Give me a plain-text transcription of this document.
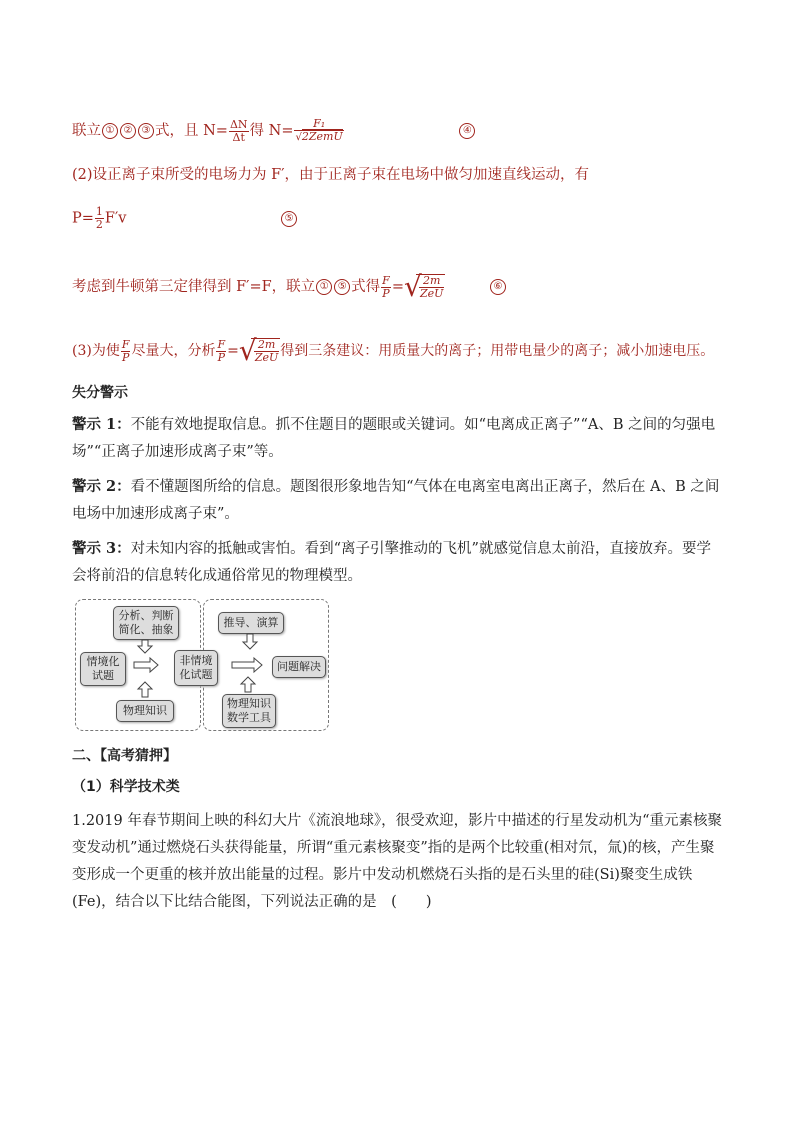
联立 ① ② ③ 式，且 $N= \frac{\Delta N}{\Delta t}$ 得 $N= \frac{\text{F₁}}{\text{√2ZemU}}$	④
(2)设正离子束所受的电场力为 F′，由于正离子束在电场中做匀加速直线运动，有
$P= \frac{1}{2} F'v$	⑤
考虑到牛顿第三定律得到 F′=F，联立 ① ⑤ 式得 $\frac{F}{P}$ = √
$\frac{2m}{\text{ZeU}}$	⑥
(3)为使 $\frac{F}{P}$ 尽量大，分析 $\frac{F}{P}$ = √
$\frac{2m}{\text{ZeU}}$ 得到三条建议：用质量大的离子；用带电量少的离子；减小加速电压。
失分警示
警示 1：不能有效地提取信息。抓不住题目的题眼或关键词。如“电离成正离子”“A、B 之间的匀强电场”“正离子加速形成离子束”等。
警示 2：看不懂题图所给的信息。题图很形象地告知“气体在电离室电离出正离子，然后在 A、B 之间电场中加速形成离子束”。
警示 3：对未知内容的抵触或害怕。看到“离子引擎推动的飞机”就感觉信息太前沿，直接放弃。要学会将前沿的信息转化成通俗常见的物理模型。
分析、判断
简化、抽象
情境化
试题
物理知识
非情境
化试题
推导、演算
问题解决
物理知识
数学工具
二、【高考猜押】
（1）科学技术类
1.2019 年春节期间上映的科幻大片《流浪地球》，很受欢迎，影片中描述的行星发动机为“重元素核聚变发动机”通过燃烧石头获得能量，所谓“重元素核聚变”指的是两个比较重(相对氘，氚)的核，产生聚变形成一个更重的核并放出能量的过程。影片中发动机燃烧石头指的是石头里的硅(Si)聚变生成铁(Fe)，结合以下比结合能图，下列说法正确的是　(　　)
